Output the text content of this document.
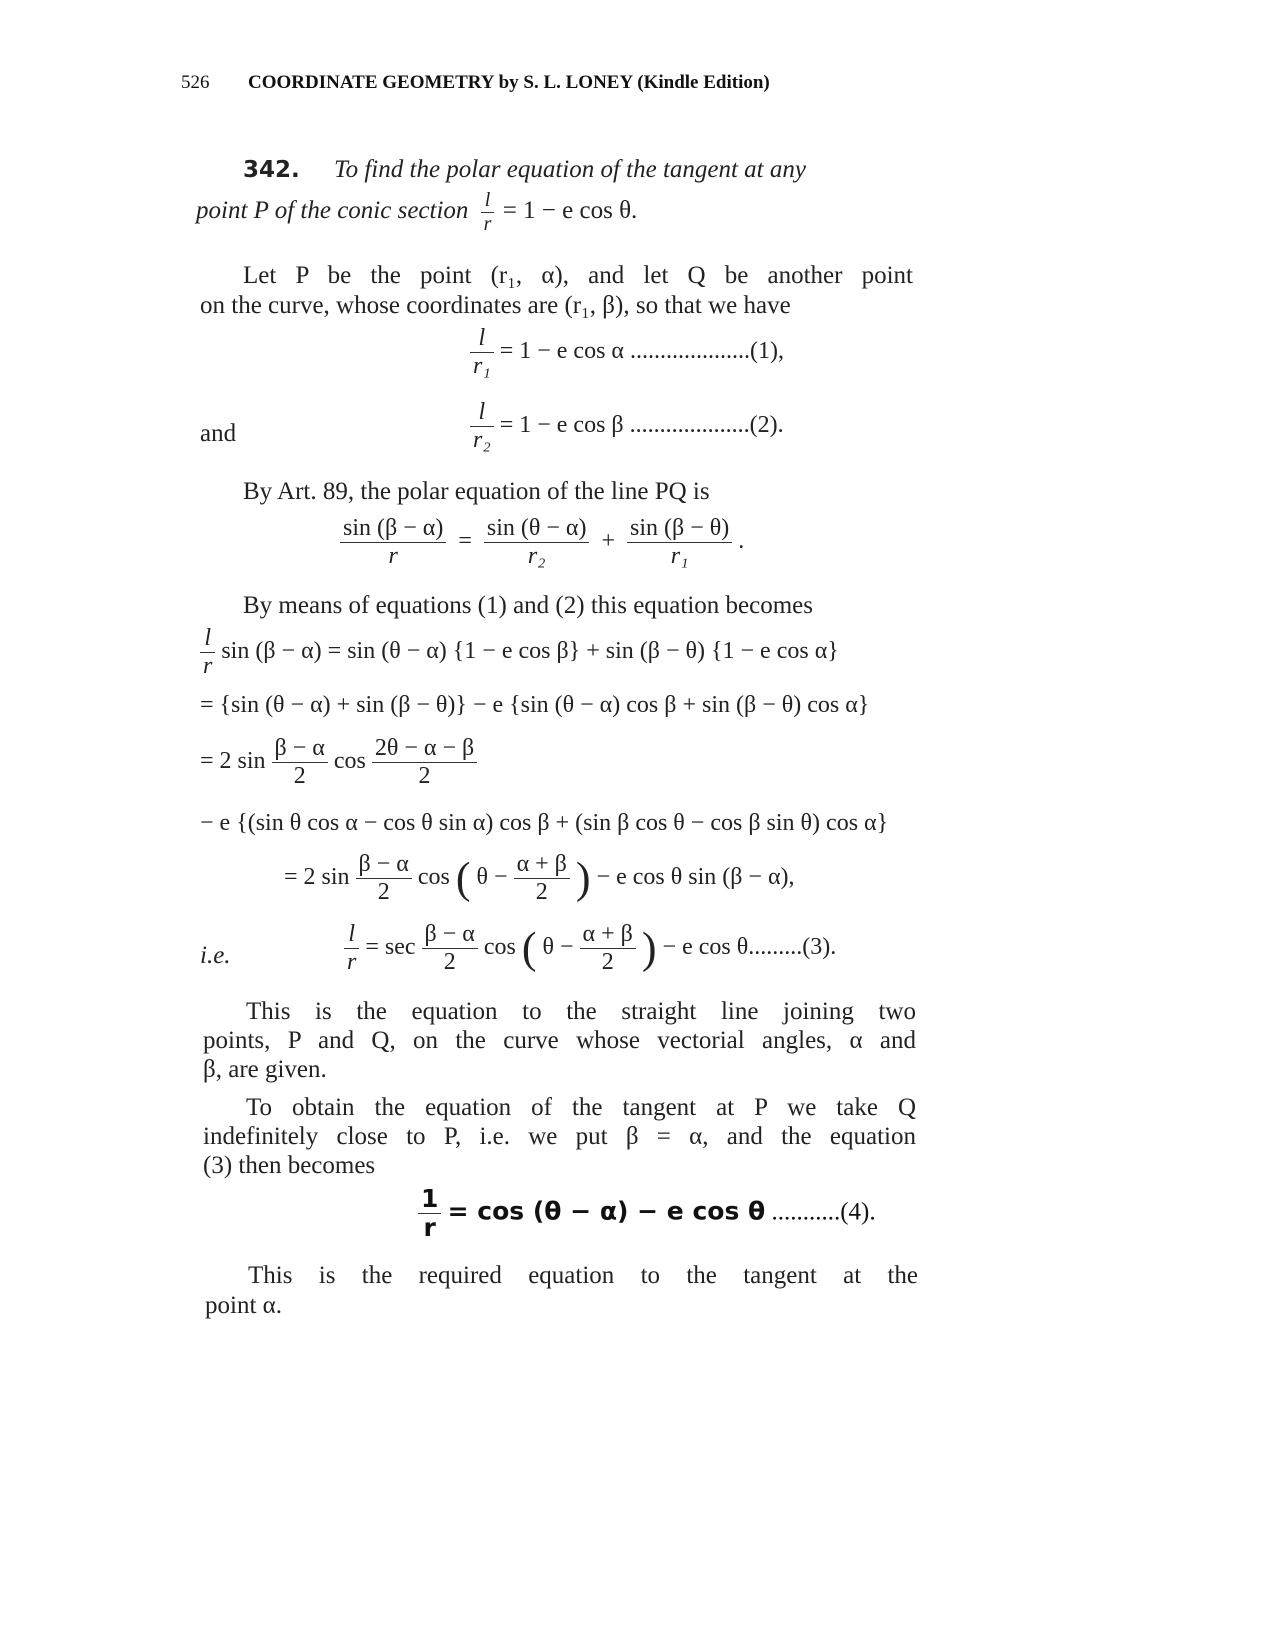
526 COORDINATE GEOMETRY by S. L. LONEY (Kindle Edition)
342. To find the polar equation of the tangent at any
point P of the conic section $\frac{l}{r} = 1 - e$ cos θ.
Let P be the point (r₁, α), and let Q be another point
on the curve, whose coordinates are (r₁, β), so that we have
$\frac{l}{\text{r₁}} = 1 - e$ cos α ....................(1),
and	$\frac{l}{\text{r₂}} = 1 - e$ cos β ....................(2).
By Art. 89, the polar equation of the line PQ is
$\frac{\sin (\beta - \alpha)}{r} = \frac{\sin (\theta - \alpha)}{\text{r₂}} + \frac{\sin (\beta - \theta)}{\text{r₁}}$ .
By means of equations (1) and (2) this equation becomes
$\frac{l}{r}$ sin (β − α) = sin (θ − α) {1 − e cos β} + sin (β − θ) {1 − e cos α}
= {sin (θ − α) + sin (β − θ)} − e {sin (θ − α) cos β + sin (β − θ) cos α}
= 2 $\sin \frac{\beta - \alpha}{2}$ $\cos \frac{2\theta - \alpha - \beta}{2}$
− e {(sin θ cos α − cos θ sin α) cos β + (sin β cos θ − cos β sin θ) cos α}
= 2 $\sin \frac{\beta - \alpha}{2}$ cos ( $\theta - \frac{\alpha + \beta}{2}$ ) − e cos θ sin (β − α),
i.e.	$\frac{l}{r} = \sec \frac{\beta - \alpha}{2}$ cos ( $\theta - \frac{\alpha + \beta}{2}$ ) − e cos θ.........(3).
This is the equation to the straight line joining two
points, P and Q, on the curve whose vectorial angles, α and
β, are given.
To obtain the equation of the tangent at P we take Q
indefinitely close to P, i.e. we put β = α, and the equation
(3) then becomes
$\frac{1}{r} = \cos (\theta - \alpha) - e$ cos θ ...........(4).
This is the required equation to the tangent at the
point α.
